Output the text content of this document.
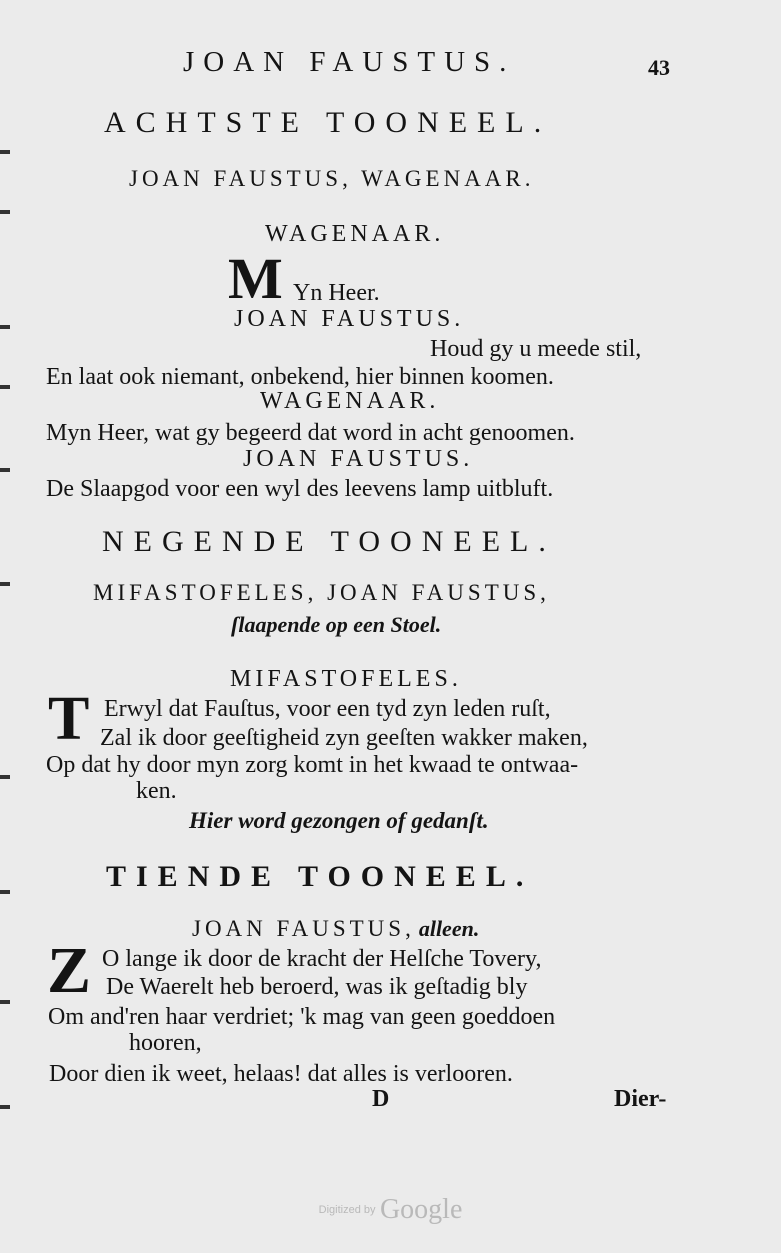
JOAN FAUSTUS.	43
ACHTSTE TOONEEL.
JOAN FAUSTUS, WAGENAAR.
WAGENAAR.
M Yn Heer.
JOAN FAUSTUS.
Houd gy u meede stil,
En laat ook niemant, onbekend, hier binnen koomen.
WAGENAAR.
Myn Heer, wat gy begeerd dat word in acht genoomen.
JOAN FAUSTUS.
De Slaapgod voor een wyl des leevens lamp uitbluft.
NEGENDE TOONEEL.
MIFASTOFELES, JOAN FAUSTUS,
ſlaapende op een Stoel.
MIFASTOFELES.
T Erwyl dat Fauſtus, voor een tyd zyn leden ruſt,
Zal ik door geeſtigheid zyn geeſten wakker maken,
Op dat hy door myn zorg komt in het kwaad te ontwaa-
ken.
Hier word gezongen of gedanſt.
TIENDE TOONEEL.
JOAN FAUSTUS, alleen.
Z O lange ik door de kracht der Helſche Tovery,
De Waerelt heb beroerd, was ik geſtadig bly
Om and'ren haar verdriet; 'k mag van geen goeddoen
hooren,
Door dien ik weet, helaas! dat alles is verlooren.
D	Dier-
Digitized by Google
